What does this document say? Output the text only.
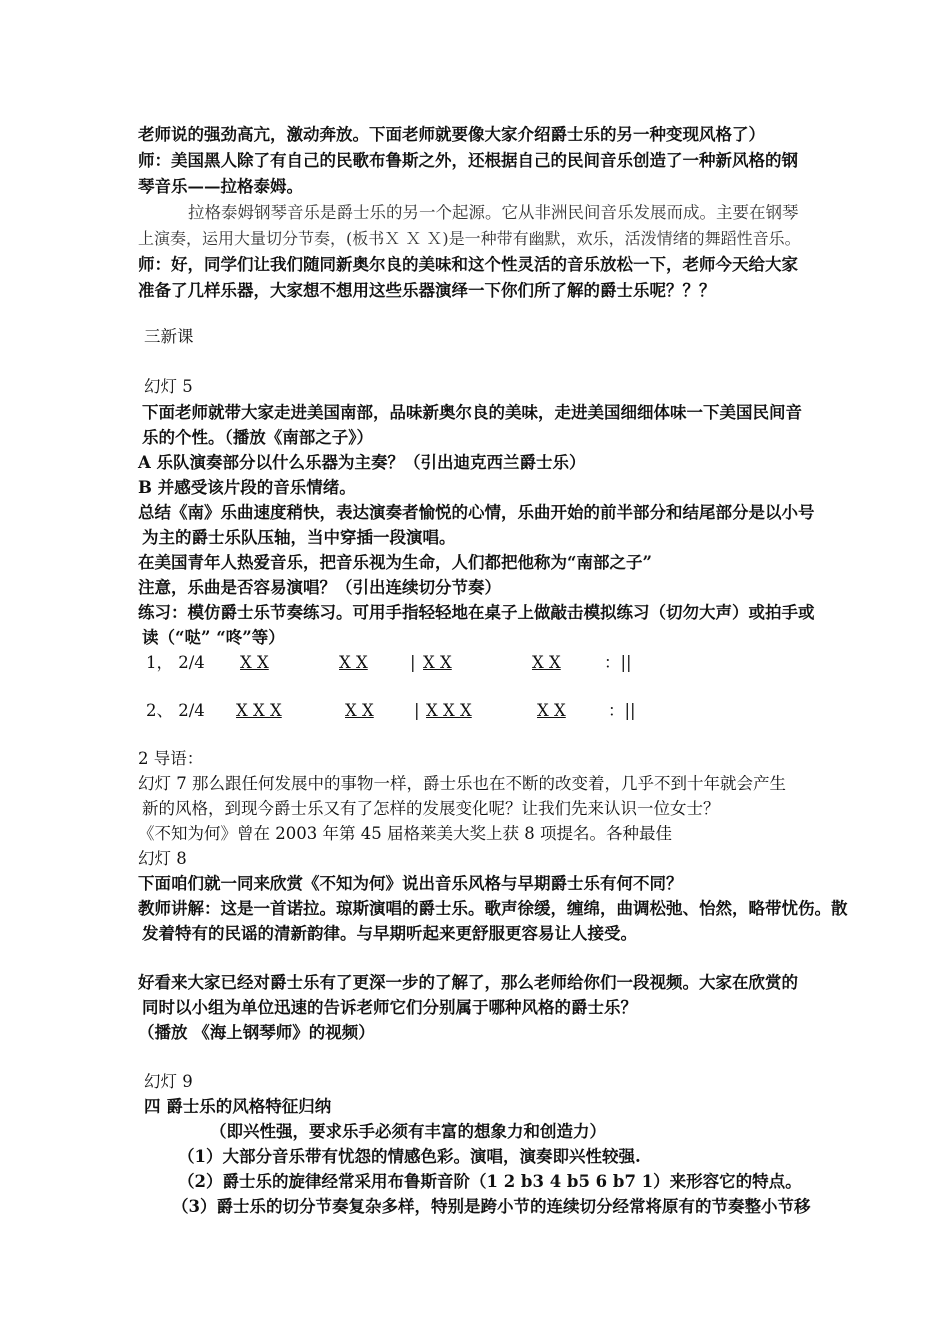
老师说的强劲高亢，激动奔放。下面老师就要像大家介绍爵士乐的另一种变现风格了）
师：美国黑人除了有自己的民歌布鲁斯之外，还根据自己的民间音乐创造了一种新风格的钢
琴音乐——拉格泰姆。
拉格泰姆钢琴音乐是爵士乐的另一个起源。它从非洲民间音乐发展而成。主要在钢琴
上演奏，运用大量切分节奏，(板书Ｘ Ｘ Ｘ)是一种带有幽默，欢乐，活泼情绪的舞蹈性音乐。
师：好，同学们让我们随同新奥尔良的美味和这个性灵活的音乐放松一下，老师今天给大家
准备了几样乐器，大家想不想用这些乐器演绎一下你们所了解的爵士乐呢？？？
三新课
幻灯 5
下面老师就带大家走进美国南部，品味新奥尔良的美味，走进美国细细体味一下美国民间音
乐的个性。（播放《南部之子》）
A 乐队演奏部分以什么乐器为主奏？（引出迪克西兰爵士乐）
B 并感受该片段的音乐情绪。
总结《南》乐曲速度稍快，表达演奏者愉悦的心情，乐曲开始的前半部分和结尾部分是以小号
为主的爵士乐队压轴，当中穿插一段演唱。
在美国青年人热爱音乐，把音乐视为生命，人们都把他称为“南部之子”
注意，乐曲是否容易演唱？（引出连续切分节奏）
练习：模仿爵士乐节奏练习。可用手指轻轻地在桌子上做敲击模拟练习（切勿大声）或拍手或
读（“哒” “咚”等）
1， 2/4 X X	X X	| X X	X X	：||
2、 2/4 X X X	X X | X X X	X X	：||
2 导语：
幻灯 7 那么跟任何发展中的事物一样，爵士乐也在不断的改变着，几乎不到十年就会产生
新的风格，到现今爵士乐又有了怎样的发展变化呢？让我们先来认识一位女士？
《不知为何》曾在 2003 年第 45 届格莱美大奖上获 8 项提名。各种最佳
幻灯 8
下面咱们就一同来欣赏《不知为何》说出音乐风格与早期爵士乐有何不同？
教师讲解：这是一首诺拉。琼斯演唱的爵士乐。歌声徐缓，缠绵，曲调松弛、怡然，略带忧伤。散
发着特有的民谣的清新韵律。与早期听起来更舒服更容易让人接受。
好看来大家已经对爵士乐有了更深一步的了解了，那么老师给你们一段视频。大家在欣赏的
同时以小组为单位迅速的告诉老师它们分别属于哪种风格的爵士乐？
（播放 《海上钢琴师》的视频）
幻灯 9
四 爵士乐的风格特征归纳
（即兴性强，要求乐手必须有丰富的想象力和创造力）
（1）大部分音乐带有忧怨的情感色彩。演唱，演奏即兴性较强.
（2）爵士乐的旋律经常采用布鲁斯音阶（1 2 b3 4 b5 6 b7 1）来形容它的特点。
（3）爵士乐的切分节奏复杂多样，特别是跨小节的连续切分经常将原有的节奏整小节移
